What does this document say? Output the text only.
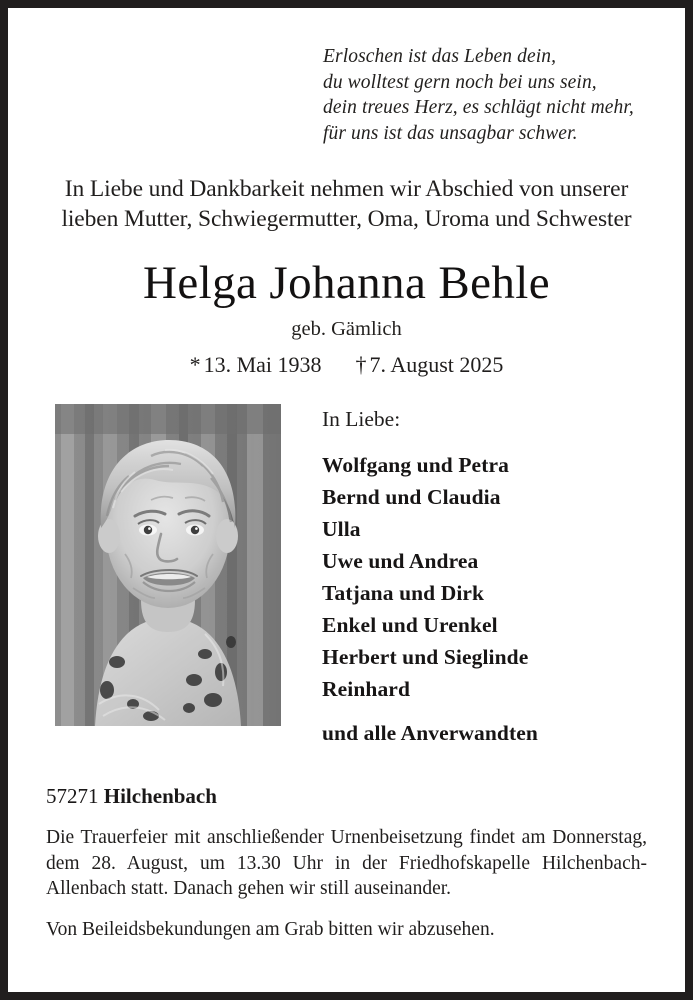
Erloschen ist das Leben dein,
du wolltest gern noch bei uns sein,
dein treues Herz, es schlägt nicht mehr,
für uns ist das unsagbar schwer.
In Liebe und Dankbarkeit nehmen wir Abschied von unserer
lieben Mutter, Schwiegermutter, Oma, Uroma und Schwester
Helga Johanna Behle
geb. Gämlich
* 13. Mai 1938 † 7. August 2025
In Liebe:
Wolfgang und Petra
Bernd und Claudia
Ulla
Uwe und Andrea
Tatjana und Dirk
Enkel und Urenkel
Herbert und Sieglinde
Reinhard
und alle Anverwandten
57271 Hilchenbach
Die Trauerfeier mit anschließender Urnenbeisetzung findet am Donnerstag, dem 28. August, um 13.30 Uhr in der Friedhofskapelle Hilchenbach-Allenbach statt. Danach gehen wir still auseinander.
Von Beileidsbekundungen am Grab bitten wir abzusehen.
